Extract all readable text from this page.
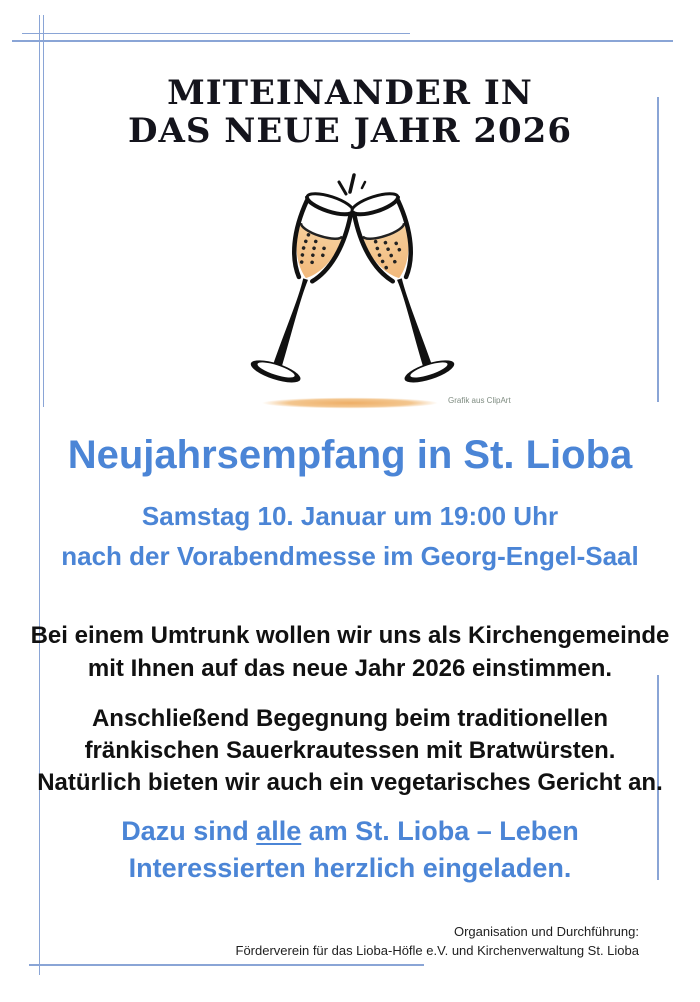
MITEINANDER IN
DAS NEUE JAHR 2026
Grafik aus ClipArt
Neujahrsempfang in St. Lioba
Samstag 10. Januar um 19:00 Uhr
nach der Vorabendmesse im Georg-Engel-Saal
Bei einem Umtrunk wollen wir uns als Kirchengemeinde
mit Ihnen auf das neue Jahr 2026 einstimmen.
Anschließend Begegnung beim traditionellen
fränkischen Sauerkrautessen mit Bratwürsten.
Natürlich bieten wir auch ein vegetarisches Gericht an.
Dazu sind alle am St. Lioba – Leben
Interessierten herzlich eingeladen.
Organisation und Durchführung:
Förderverein für das Lioba-Höfle e.V. und Kirchenverwaltung St. Lioba
